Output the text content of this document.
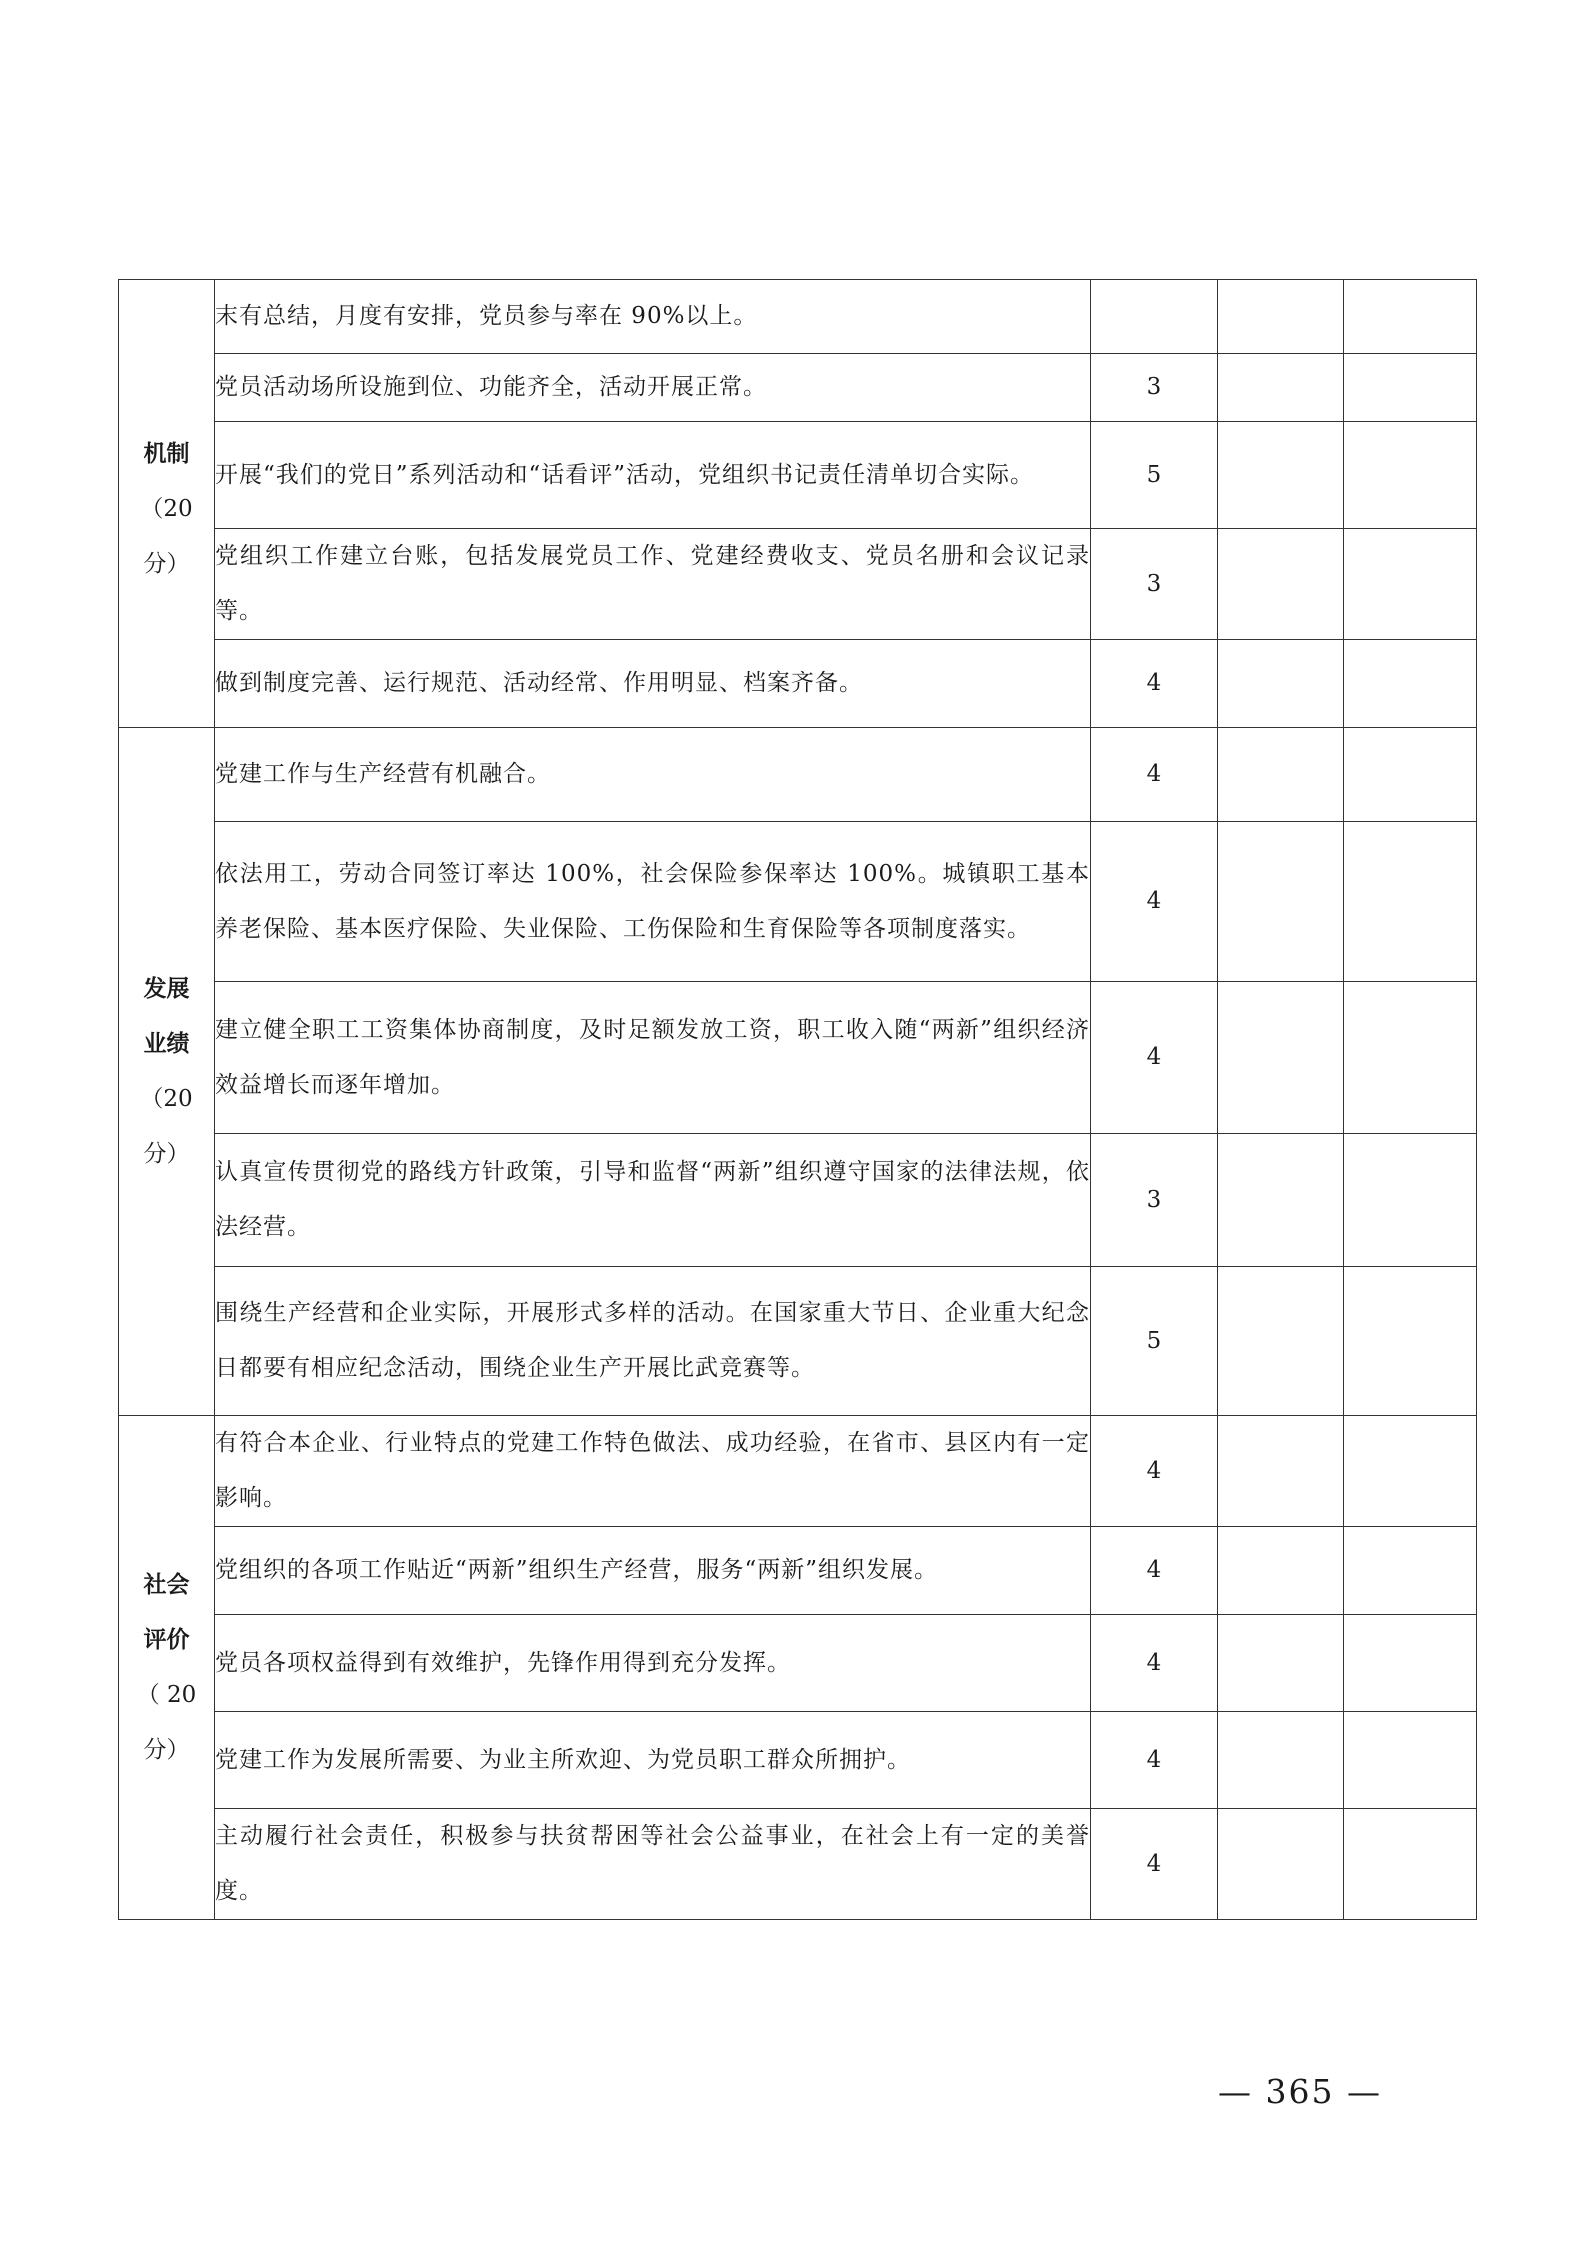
机制
（20
分）	末有总结，月度有安排，党员参与率在 90%以上。			
	党员活动场所设施到位、功能齐全，活动开展正常。	3		
	开展“我们的党日”系列活动和“话看评”活动，党组织书记责任清单切合实际。	5		
	党组织工作建立台账，包括发展党员工作、党建经费收支、党员名册和会议记录等。	3		
	做到制度完善、运行规范、活动经常、作用明显、档案齐备。	4		

发展
业绩
（20
分）	党建工作与生产经营有机融合。	4		
	依法用工，劳动合同签订率达 100%，社会保险参保率达 100%。城镇职工基本养老保险、基本医疗保险、失业保险、工伤保险和生育保险等各项制度落实。	4		
	建立健全职工工资集体协商制度，及时足额发放工资，职工收入随“两新”组织经济效益增长而逐年增加。	4		
	认真宣传贯彻党的路线方针政策，引导和监督“两新”组织遵守国家的法律法规，依法经营。	3		
	围绕生产经营和企业实际，开展形式多样的活动。在国家重大节日、企业重大纪念日都要有相应纪念活动，围绕企业生产开展比武竞赛等。	5		

社会
评价
（ 20
分）	有符合本企业、行业特点的党建工作特色做法、成功经验，在省市、县区内有一定影响。	4		
	党组织的各项工作贴近“两新”组织生产经营，服务“两新”组织发展。	4		
	党员各项权益得到有效维护，先锋作用得到充分发挥。	4		
	党建工作为发展所需要、为业主所欢迎、为党员职工群众所拥护。	4		
	主动履行社会责任，积极参与扶贫帮困等社会公益事业，在社会上有一定的美誉度。	4		
— 365 —
